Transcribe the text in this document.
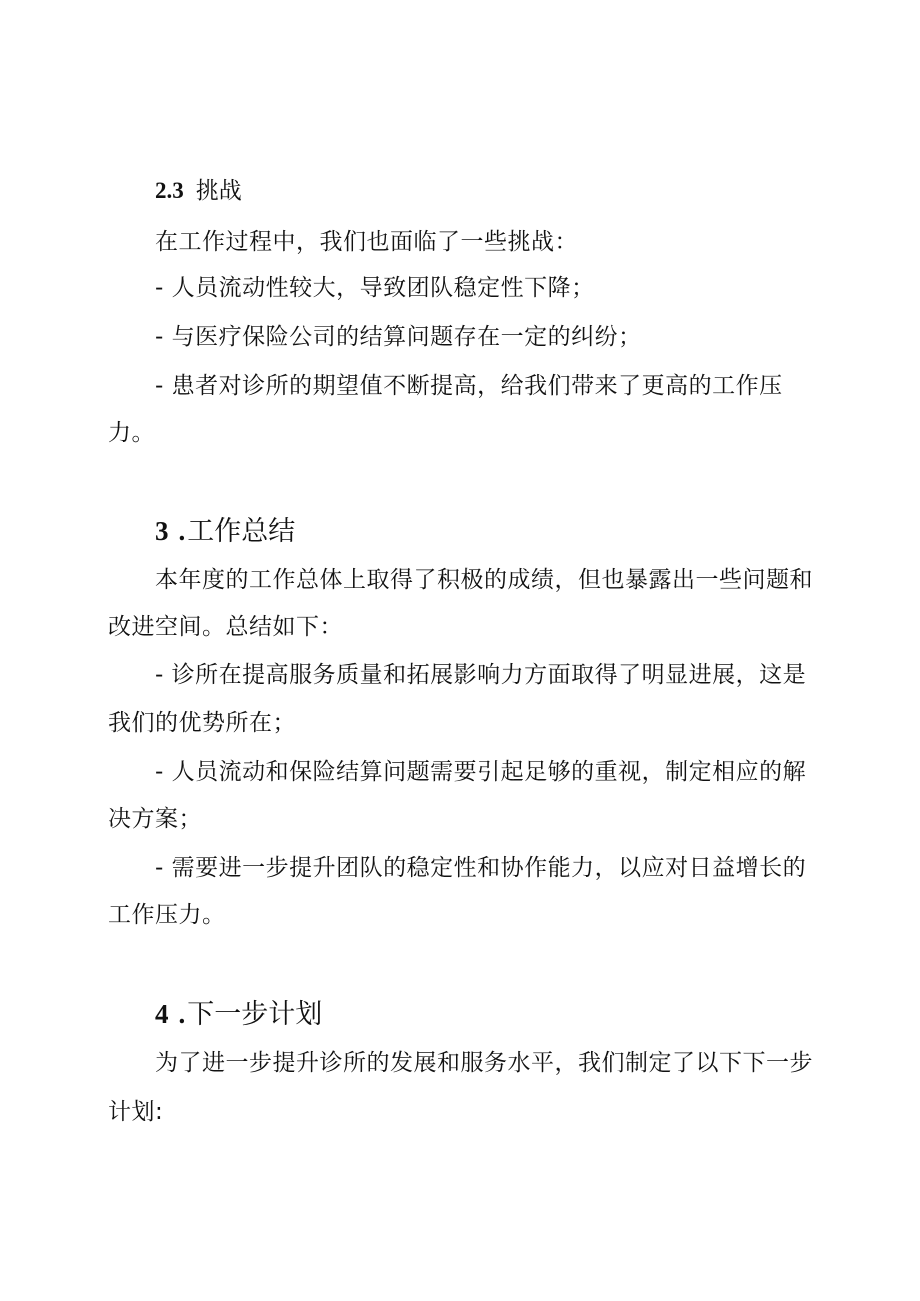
2.3 挑战
在工作过程中，我们也面临了一些挑战：
- 人员流动性较大，导致团队稳定性下降；
- 与医疗保险公司的结算问题存在一定的纠纷；
- 患者对诊所的期望值不断提高，给我们带来了更高的工作压
力。
3 .工作总结
本年度的工作总体上取得了积极的成绩，但也暴露出一些问题和
改进空间。总结如下：
- 诊所在提高服务质量和拓展影响力方面取得了明显进展，这是
我们的优势所在；
- 人员流动和保险结算问题需要引起足够的重视，制定相应的解
决方案；
- 需要进一步提升团队的稳定性和协作能力，以应对日益增长的
工作压力。
4 .下一步计划
为了进一步提升诊所的发展和服务水平，我们制定了以下下一步
计划:
